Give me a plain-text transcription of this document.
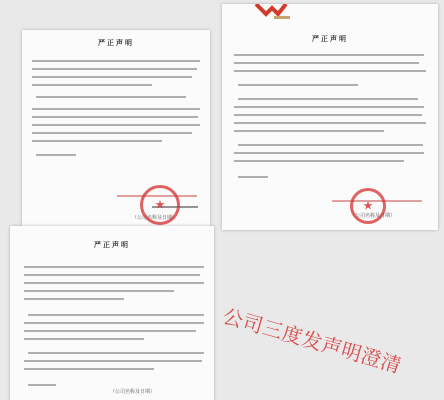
严正声明
（公司名称及日期）
★
严正声明
（公司名称及日期）
★
严正声明
（公司名称及日期）
公司三度发声明澄清
